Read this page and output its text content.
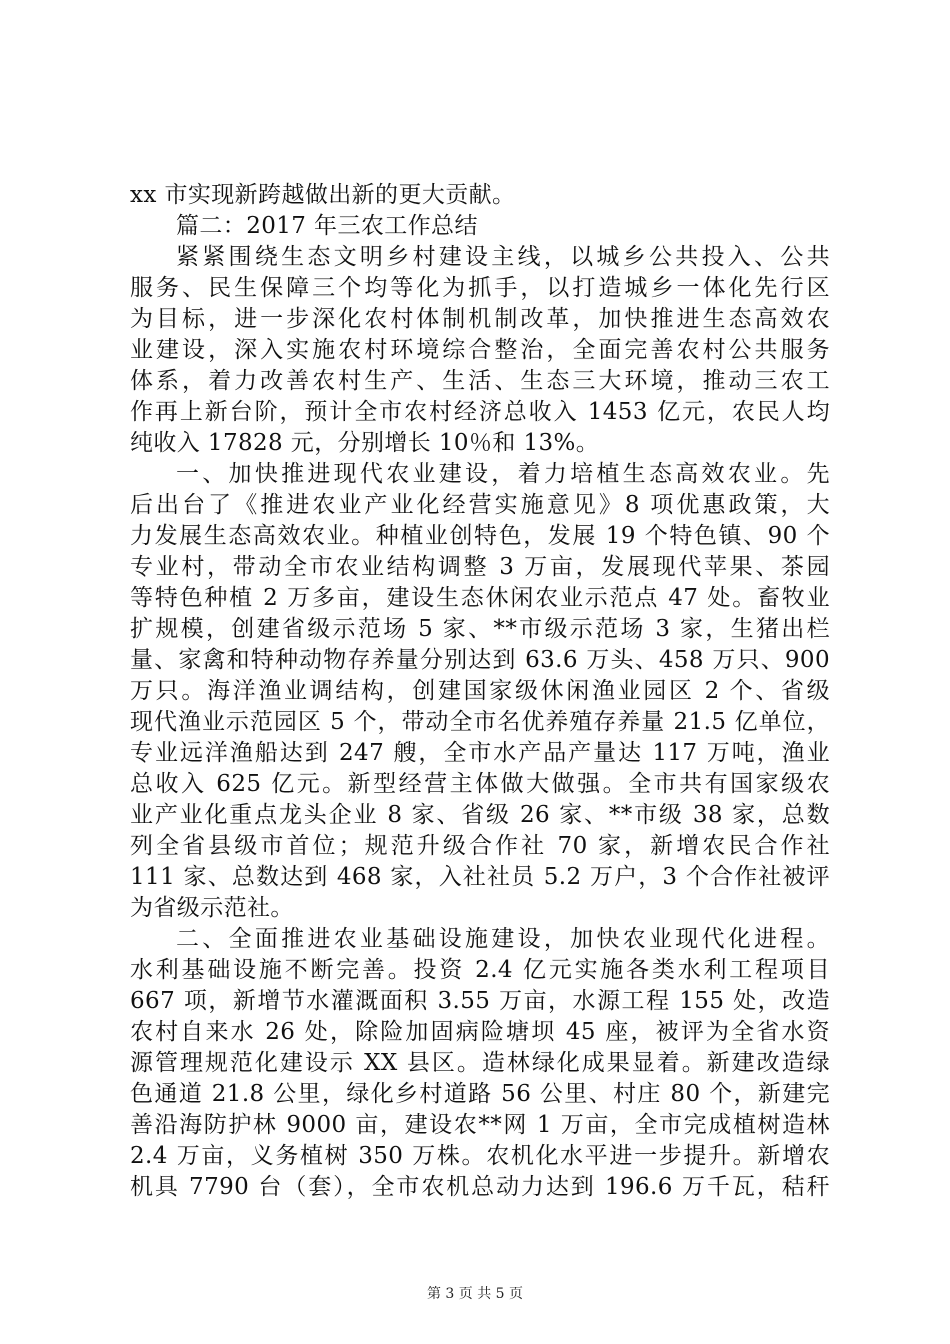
xx 市实现新跨越做出新的更大贡献。
篇二：2017 年三农工作总结
紧紧围绕生态文明乡村建设主线，以城乡公共投入、公共
服务、民生保障三个均等化为抓手，以打造城乡一体化先行区
为目标，进一步深化农村体制机制改革，加快推进生态高效农
业建设，深入实施农村环境综合整治，全面完善农村公共服务
体系，着力改善农村生产、生活、生态三大环境，推动三农工
作再上新台阶，预计全市农村经济总收入 1453 亿元，农民人均
纯收入 17828 元，分别增长 10％和 13%。
一、加快推进现代农业建设，着力培植生态高效农业。先
后出台了《推进农业产业化经营实施意见》8 项优惠政策，大
力发展生态高效农业。种植业创特色，发展 19 个特色镇、90 个
专业村，带动全市农业结构调整 3 万亩，发展现代苹果、茶园
等特色种植 2 万多亩，建设生态休闲农业示范点 47 处。畜牧业
扩规模，创建省级示范场 5 家、**市级示范场 3 家，生猪出栏
量、家禽和特种动物存养量分别达到 63.6 万头、458 万只、900
万只。海洋渔业调结构，创建国家级休闲渔业园区 2 个、省级
现代渔业示范园区 5 个，带动全市名优养殖存养量 21.5 亿单位，
专业远洋渔船达到 247 艘，全市水产品产量达 117 万吨，渔业
总收入 625 亿元。新型经营主体做大做强。全市共有国家级农
业产业化重点龙头企业 8 家、省级 26 家、**市级 38 家，总数
列全省县级市首位；规范升级合作社 70 家，新增农民合作社
111 家、总数达到 468 家，入社社员 5.2 万户，3 个合作社被评
为省级示范社。
二、全面推进农业基础设施建设，加快农业现代化进程。
水利基础设施不断完善。投资 2.4 亿元实施各类水利工程项目
667 项，新增节水灌溉面积 3.55 万亩，水源工程 155 处，改造
农村自来水 26 处，除险加固病险塘坝 45 座，被评为全省水资
源管理规范化建设示 XX 县区。造林绿化成果显着。新建改造绿
色通道 21.8 公里，绿化乡村道路 56 公里、村庄 80 个，新建完
善沿海防护林 9000 亩，建设农**网 1 万亩，全市完成植树造林
2.4 万亩，义务植树 350 万株。农机化水平进一步提升。新增农
机具 7790 台（套），全市农机总动力达到 196.6 万千瓦，秸秆
第 3 页 共 5 页
